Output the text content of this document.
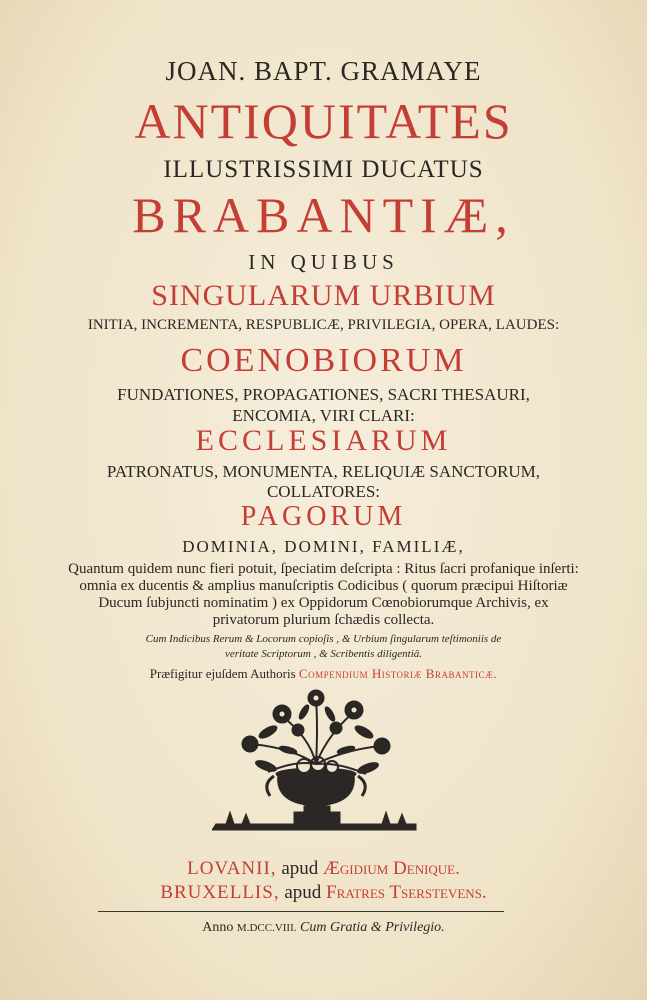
JOAN. BAPT. GRAMAYE
ANTIQUITATES
ILLUSTRISSIMI DUCATUS
BRABANTIÆ,
IN QUIBUS
SINGULARUM URBIUM
INITIA, INCREMENTA, RESPUBLICÆ, PRIVILEGIA, OPERA, LAUDES:
COENOBIORUM
FUNDATIONES, PROPAGATIONES, SACRI THESAURI,
ENCOMIA, VIRI CLARI:
ECCLESIARUM
PATRONATUS, MONUMENTA, RELIQUIÆ SANCTORUM,
COLLATORES:
PAGORUM
DOMINIA, DOMINI, FAMILIÆ,
Quantum quidem nunc fieri potuit, ſpeciatim deſcripta : Ritus ſacri profanique inſerti:
omnia ex ducentis & amplius manuſcriptis Codicibus ( quorum præcipui Hiſtoriæ
Ducum ſubjuncti nominatim ) ex Oppidorum Cœnobiorumque Archivis, ex
privatorum plurium ſchædis collecta.
Cum Indicibus Rerum & Locorum copioſis , & Urbium ſingularum teſtimoniis de
veritate Scriptorum , & Scribentis diligentiâ.
Præfigitur ejuſdem Authoris Compendium Historiæ Brabanticæ.
LOVANII, apud Ægidium Denique.
BRUXELLIS, apud Fratres Tserstevens.
Anno M.DCC.VIII. Cum Gratia & Privilegio.
